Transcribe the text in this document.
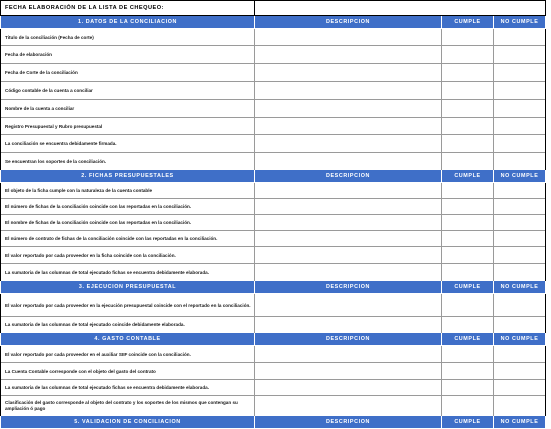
FECHA ELABORACIÓN DE LA LISTA DE CHEQUEO:			
1. DATOS DE LA CONCILIACION	DESCRIPCION	CUMPLE	NO CUMPLE
Titulo de la conciliación (Fecha de corte)			
Fecha de elaboración			
Fecha de Corte de la conciliación			
Código contable de la cuenta a conciliar			
Nombre de la cuenta a conciliar			
Registro Presupuestal y Rubro presupuestal			
La conciliación se encuentra debidamente firmada.			
Se encuentran los soportes de la conciliación.			
2. FICHAS PRESUPUESTALES	DESCRIPCION	CUMPLE	NO CUMPLE
El objeto de la ficha cumple con la naturaleza de la cuenta contable			
El número de fichas de la conciliación coincide con las reportadas en la conciliación.			
El nombre de fichas de la conciliación coincide con las reportadas en la conciliación.			
El número de contrato de fichas de la conciliación coincide con las reportadas en la conciliación.			
El valor reportado por cada proveedor en la ficha coincide con la conciliación.			
La sumatoria de las columnas de total ejecutado fichas se encuentra debidamente elaborada.			
3. EJECUCION PRESUPUESTAL	DESCRIPCION	CUMPLE	NO CUMPLE
El valor reportado por cada proveedor en la ejecución presupuestal coincide con el reportado en la conciliación.			
La sumatoria de las columnas de total ejecutado coincide debidamente elaborada.			
4. GASTO CONTABLE	DESCRIPCION	CUMPLE	NO CUMPLE
El valor reportado por cada proveedor en el auxiliar SIIF coincide con la conciliación.			
La Cuenta Contable corresponde con el objeto del gasto del contrato			
La sumatoria de las columnas de total ejecutado fichas se encuentra debidamente elaborada.			
Clasificación del gasto corresponde al objeto del contrato y los soportes de los mismos que contengan su ampliación ó pago			
5. VALIDACION DE CONCILIACION	DESCRIPCION	CUMPLE	NO CUMPLE
